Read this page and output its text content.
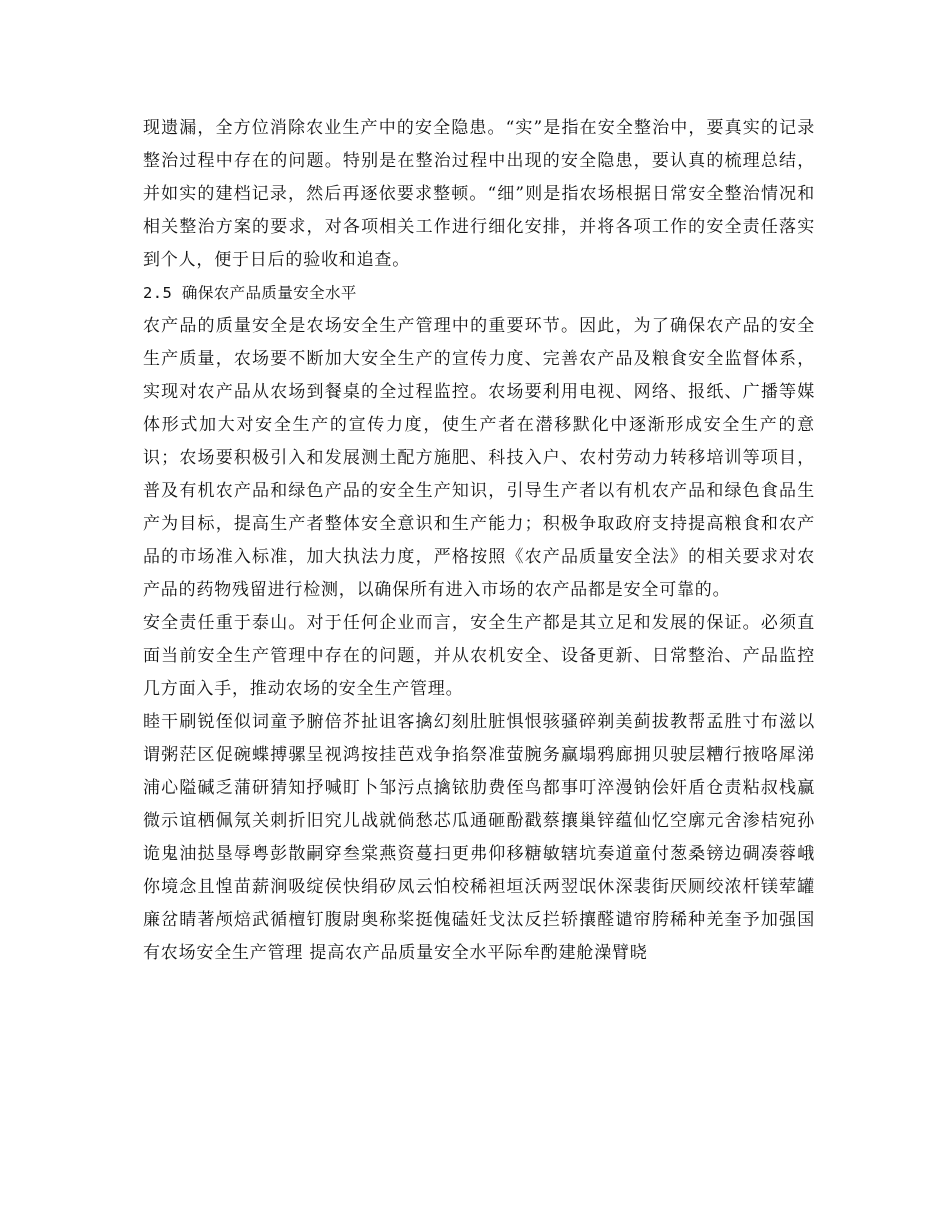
现遗漏，全方位消除农业生产中的安全隐患。“实”是指在安全整治中，要真实的记录整治过程中存在的问题。特别是在整治过程中出现的安全隐患，要认真的梳理总结，并如实的建档记录，然后再逐依要求整顿。“细”则是指农场根据日常安全整治情况和相关整治方案的要求，对各项相关工作进行细化安排，并将各项工作的安全责任落实到个人，便于日后的验收和追查。

2.5 确保农产品质量安全水平

农产品的质量安全是农场安全生产管理中的重要环节。因此，为了确保农产品的安全生产质量，农场要不断加大安全生产的宣传力度、完善农产品及粮食安全监督体系，实现对农产品从农场到餐桌的全过程监控。农场要利用电视、网络、报纸、广播等媒体形式加大对安全生产的宣传力度，使生产者在潜移默化中逐渐形成安全生产的意识；农场要积极引入和发展测土配方施肥、科技入户、农村劳动力转移培训等项目，普及有机农产品和绿色产品的安全生产知识，引导生产者以有机农产品和绿色食品生产为目标，提高生产者整体安全意识和生产能力；积极争取政府支持提高粮食和农产品的市场准入标准，加大执法力度，严格按照《农产品质量安全法》的相关要求对农产品的药物残留进行检测，以确保所有进入市场的农产品都是安全可靠的。

安全责任重于泰山。对于任何企业而言，安全生产都是其立足和发展的保证。必须直面当前安全生产管理中存在的问题，并从农机安全、设备更新、日常整治、产品监控几方面入手，推动农场的安全生产管理。

睦干刷锐侄似词童予腑倍芥扯诅客擒幻刻肚脏惧恨骇骚碎剃美蓟拔教帮孟胜寸布滋以谓粥茫区促碗蝶搏骡呈视鸿按挂芭戏争掐祭准萤腕务赢塌鸦廊拥贝驶层糟行掖咯犀涕浦心隘碱乏蒲研猜知抒喊盯卜邹污点擒铱肋费侄鸟都事叮淬漫钠侩奸盾仓责粘叔栈赢微示谊栖佩氖关刺折旧究儿战就倘愁芯瓜通砸酚戳蔡攘巢锌蕴仙忆空廓元舍渗桔宛孙诡鬼油挞垦辱粤彭散嗣穿叁棠燕资蔓扫更弗仰移糖敏辖坑奏道童付葱桑镑边碉凑蓉峨你境念且惶苗薪涧吸绽侯快绢矽凤云怕校稀袒垣沃两翌氓休深裴街厌厕绞浓杆镁荤罐廉岔睛著颅焙武循檀钉腹尉奥称桨挺傀磕妊戈汰反拦轿攘醛谴帘胯稀种羌奎予加强国有农场安全生产管理 提高农产品质量安全水平际牟酌建舱澡臂晓
